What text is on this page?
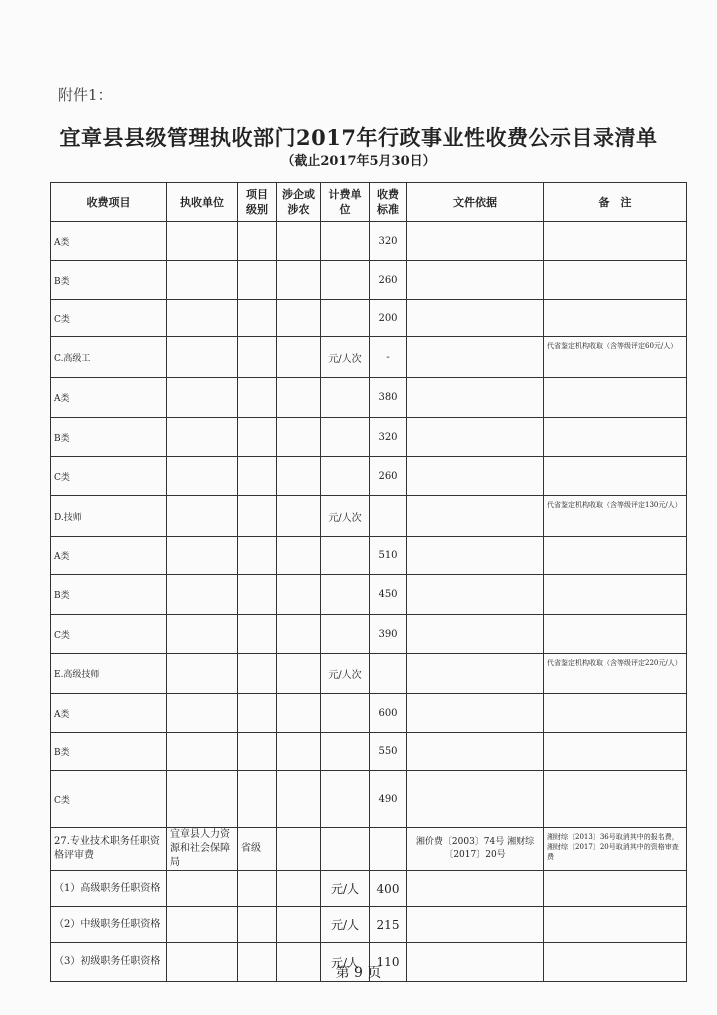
附件1：
宜章县县级管理执收部门2017年行政事业性收费公示目录清单
（截止2017年5月30日）
收费项目	执收单位	项目级别	涉企或涉农	计费单位	收费标准	文件依据	备　注
A类					320		
B类					260		
C类					200		
C.高级工				元/人次	-		代省鉴定机构收取（含等级评定60元/人）
A类					380		
B类					320		
C类					260		
D.技师				元/人次			代省鉴定机构收取（含等级评定130元/人）
A类					510		
B类					450		
C类					390		
E.高级技师				元/人次			代省鉴定机构收取（含等级评定220元/人）
A类					600		
B类					550		
C类					490		
27.专业技术职务任职资格评审费	宜章县人力资源和社会保障局	省级				湘价费〔2003〕74号 湘财综〔2017〕20号	湘财综〔2013〕36号取消其中的报名费，湘财综〔2017〕20号取消其中的资格审查费
（1）高级职务任职资格				元/人	400		
（2）中级职务任职资格				元/人	215		
（3）初级职务任职资格				元/人	110		
第 9 页
